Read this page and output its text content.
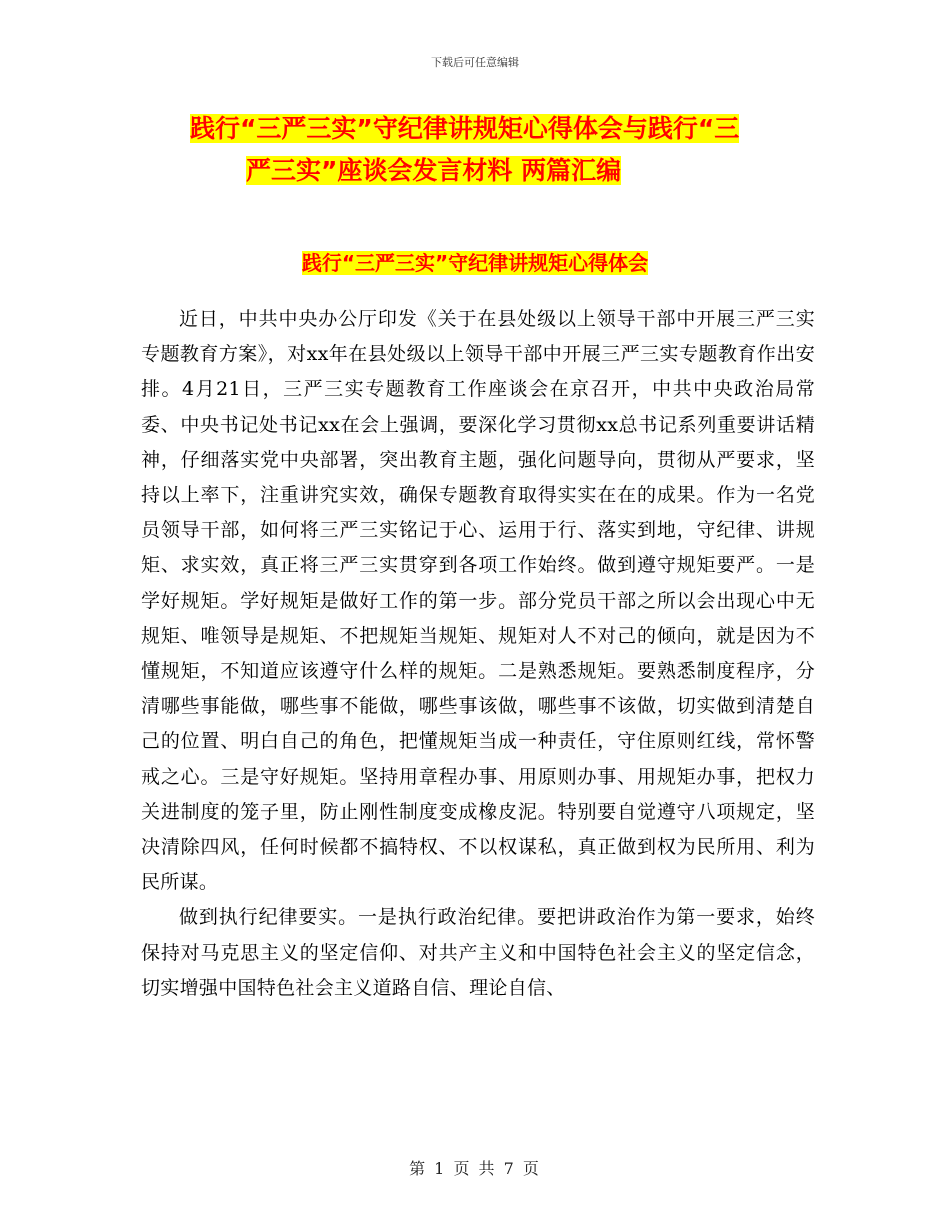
下载后可任意编辑
践行“三严三实”守纪律讲规矩心得体会与践行“三
严三实”座谈会发言材料 两篇汇编
践行“三严三实”守纪律讲规矩心得体会

近日，中共中央办公厅印发《关于在县处级以上领导干部中开展三严三实专题教育方案》，对xx年在县处级以上领导干部中开展三严三实专题教育作出安排。4月21日，三严三实专题教育工作座谈会在京召开，中共中央政治局常委、中央书记处书记xx在会上强调，要深化学习贯彻xx总书记系列重要讲话精神，仔细落实党中央部署，突出教育主题，强化问题导向，贯彻从严要求，坚持以上率下，注重讲究实效，确保专题教育取得实实在在的成果。作为一名党员领导干部，如何将三严三实铭记于心、运用于行、落实到地，守纪律、讲规矩、求实效，真正将三严三实贯穿到各项工作始终。做到遵守规矩要严。一是学好规矩。学好规矩是做好工作的第一步。部分党员干部之所以会出现心中无规矩、唯领导是规矩、不把规矩当规矩、规矩对人不对己的倾向，就是因为不懂规矩，不知道应该遵守什么样的规矩。二是熟悉规矩。要熟悉制度程序，分清哪些事能做，哪些事不能做，哪些事该做，哪些事不该做，切实做到清楚自己的位置、明白自己的角色，把懂规矩当成一种责任，守住原则红线，常怀警戒之心。三是守好规矩。坚持用章程办事、用原则办事、用规矩办事，把权力关进制度的笼子里，防止刚性制度变成橡皮泥。特别要自觉遵守八项规定，坚决清除四风，任何时候都不搞特权、不以权谋私，真正做到权为民所用、利为民所谋。

做到执行纪律要实。一是执行政治纪律。要把讲政治作为第一要求，始终保持对马克思主义的坚定信仰、对共产主义和中国特色社会主义的坚定信念，切实增强中国特色社会主义道路自信、理论自信、

第 1 页 共 7 页
